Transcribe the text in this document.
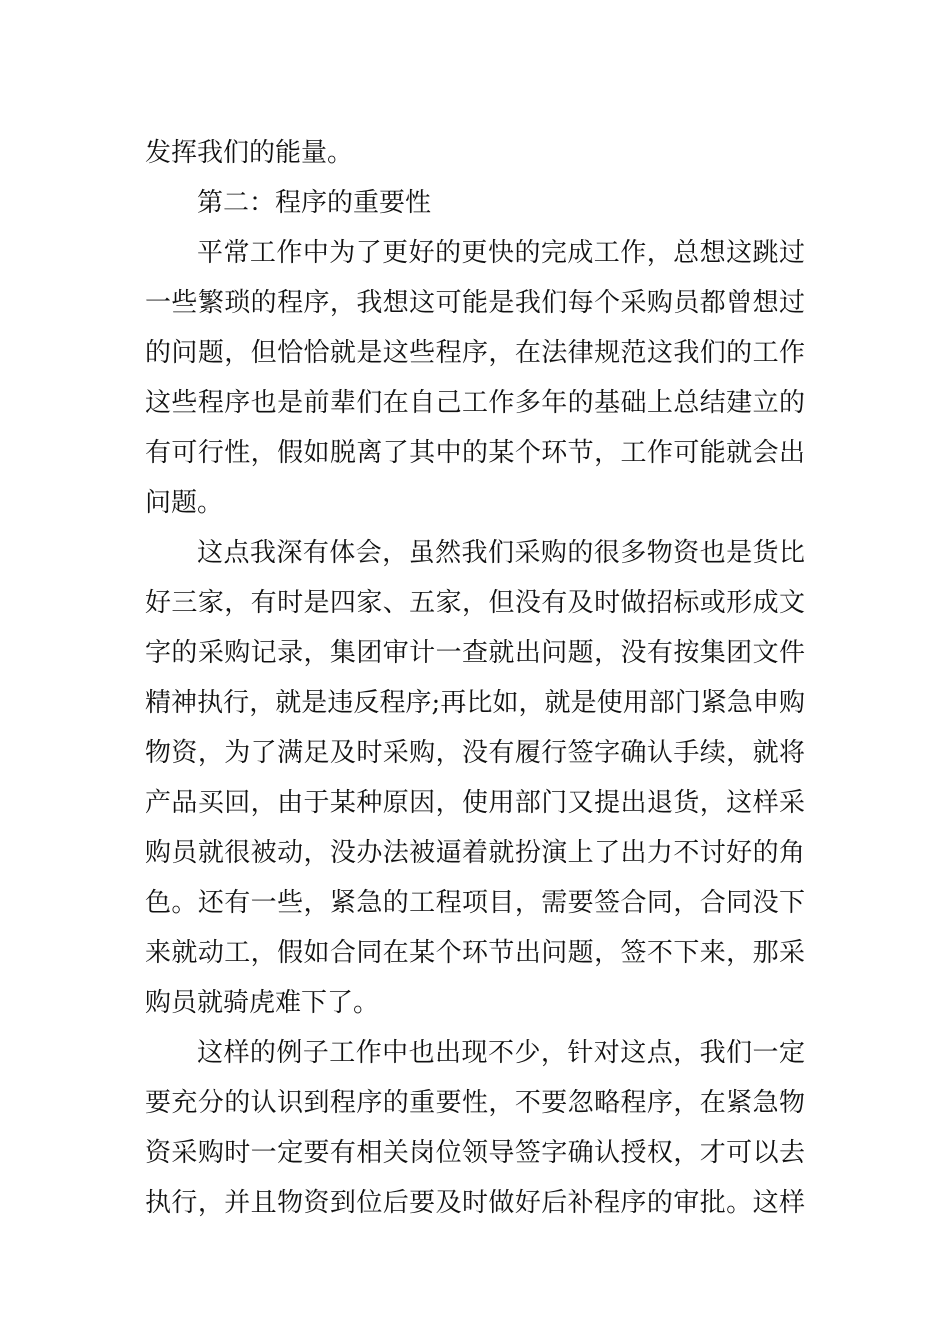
发挥我们的能量。
第二：程序的重要性
平常工作中为了更好的更快的完成工作，总想这跳过
一些繁琐的程序，我想这可能是我们每个采购员都曾想过
的问题，但恰恰就是这些程序，在法律规范这我们的工作
这些程序也是前辈们在自己工作多年的基础上总结建立的
有可行性，假如脱离了其中的某个环节，工作可能就会出
问题。
这点我深有体会，虽然我们采购的很多物资也是货比
好三家，有时是四家、五家，但没有及时做招标或形成文
字的采购记录，集团审计一查就出问题，没有按集团文件
精神执行，就是违反程序;再比如，就是使用部门紧急申购
物资，为了满足及时采购，没有履行签字确认手续，就将
产品买回，由于某种原因，使用部门又提出退货，这样采
购员就很被动，没办法被逼着就扮演上了出力不讨好的角
色。还有一些，紧急的工程项目，需要签合同，合同没下
来就动工，假如合同在某个环节出问题，签不下来，那采
购员就骑虎难下了。
这样的例子工作中也出现不少，针对这点，我们一定
要充分的认识到程序的重要性，不要忽略程序，在紧急物
资采购时一定要有相关岗位领导签字确认授权，才可以去
执行，并且物资到位后要及时做好后补程序的审批。这样
